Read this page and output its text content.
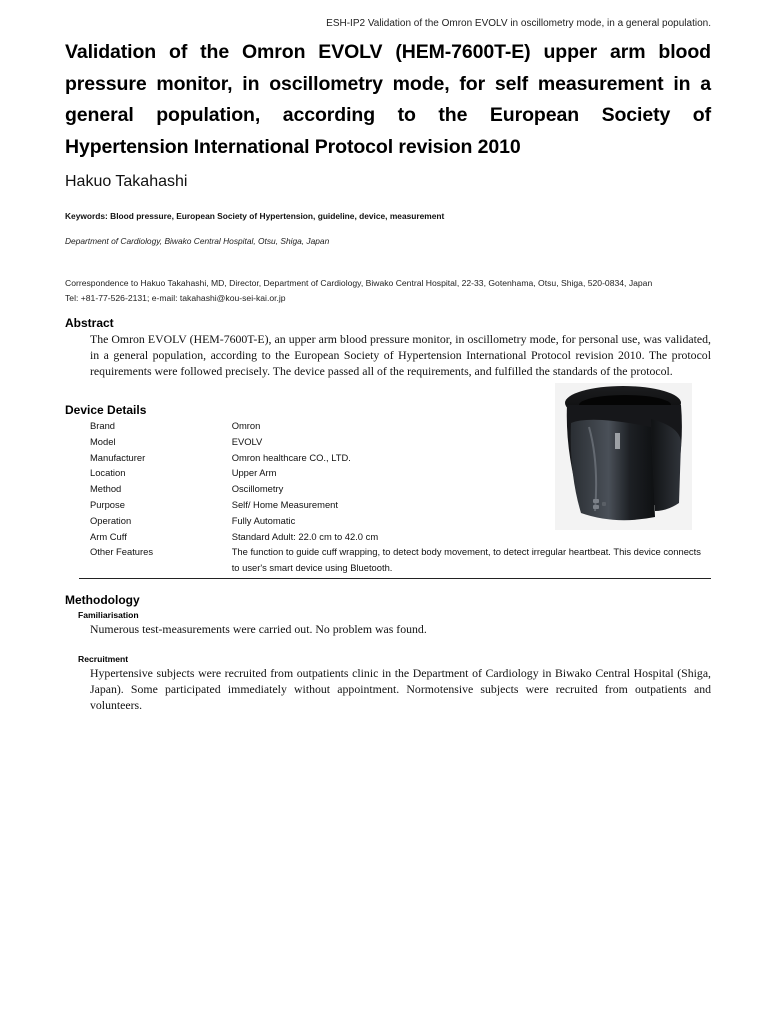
ESH-IP2 Validation of the Omron EVOLV in oscillometry mode, in a general population.
Validation of the Omron EVOLV (HEM-7600T-E) upper arm blood pressure monitor, in oscillometry mode, for self measurement in a general population, according to the European Society of Hypertension International Protocol revision 2010
Hakuo Takahashi
Keywords: Blood pressure, European Society of Hypertension, guideline, device, measurement
Department of Cardiology, Biwako Central Hospital, Otsu, Shiga, Japan
Correspondence to Hakuo Takahashi, MD, Director, Department of Cardiology, Biwako Central Hospital, 22-33, Gotenhama, Otsu, Shiga, 520-0834, Japan
Tel: +81-77-526-2131; e-mail: takahashi@kou-sei-kai.or.jp
Abstract
The Omron EVOLV (HEM-7600T-E), an upper arm blood pressure monitor, in oscillometry mode, for personal use, was validated, in a general population, according to the European Society of Hypertension International Protocol revision 2010. The protocol requirements were followed precisely. The device passed all of the requirements, and fulfilled the standards of the protocol.
Device Details
Brand	Omron
Model	EVOLV
Manufacturer	Omron healthcare CO., LTD.
Location	Upper Arm
Method	Oscillometry
Purpose	Self/ Home Measurement
Operation	Fully Automatic
Arm Cuff	Standard Adult: 22.0 cm to 42.0 cm
Other Features	The function to guide cuff wrapping, to detect body movement, to detect irregular heartbeat. This device connects to user's smart device using Bluetooth.
Methodology
Familiarisation
Numerous test-measurements were carried out. No problem was found.
Recruitment
Hypertensive subjects were recruited from outpatients clinic in the Department of Cardiology in Biwako Central Hospital (Shiga, Japan). Some participated immediately without appointment. Normotensive subjects were recruited from outpatients and volunteers.
